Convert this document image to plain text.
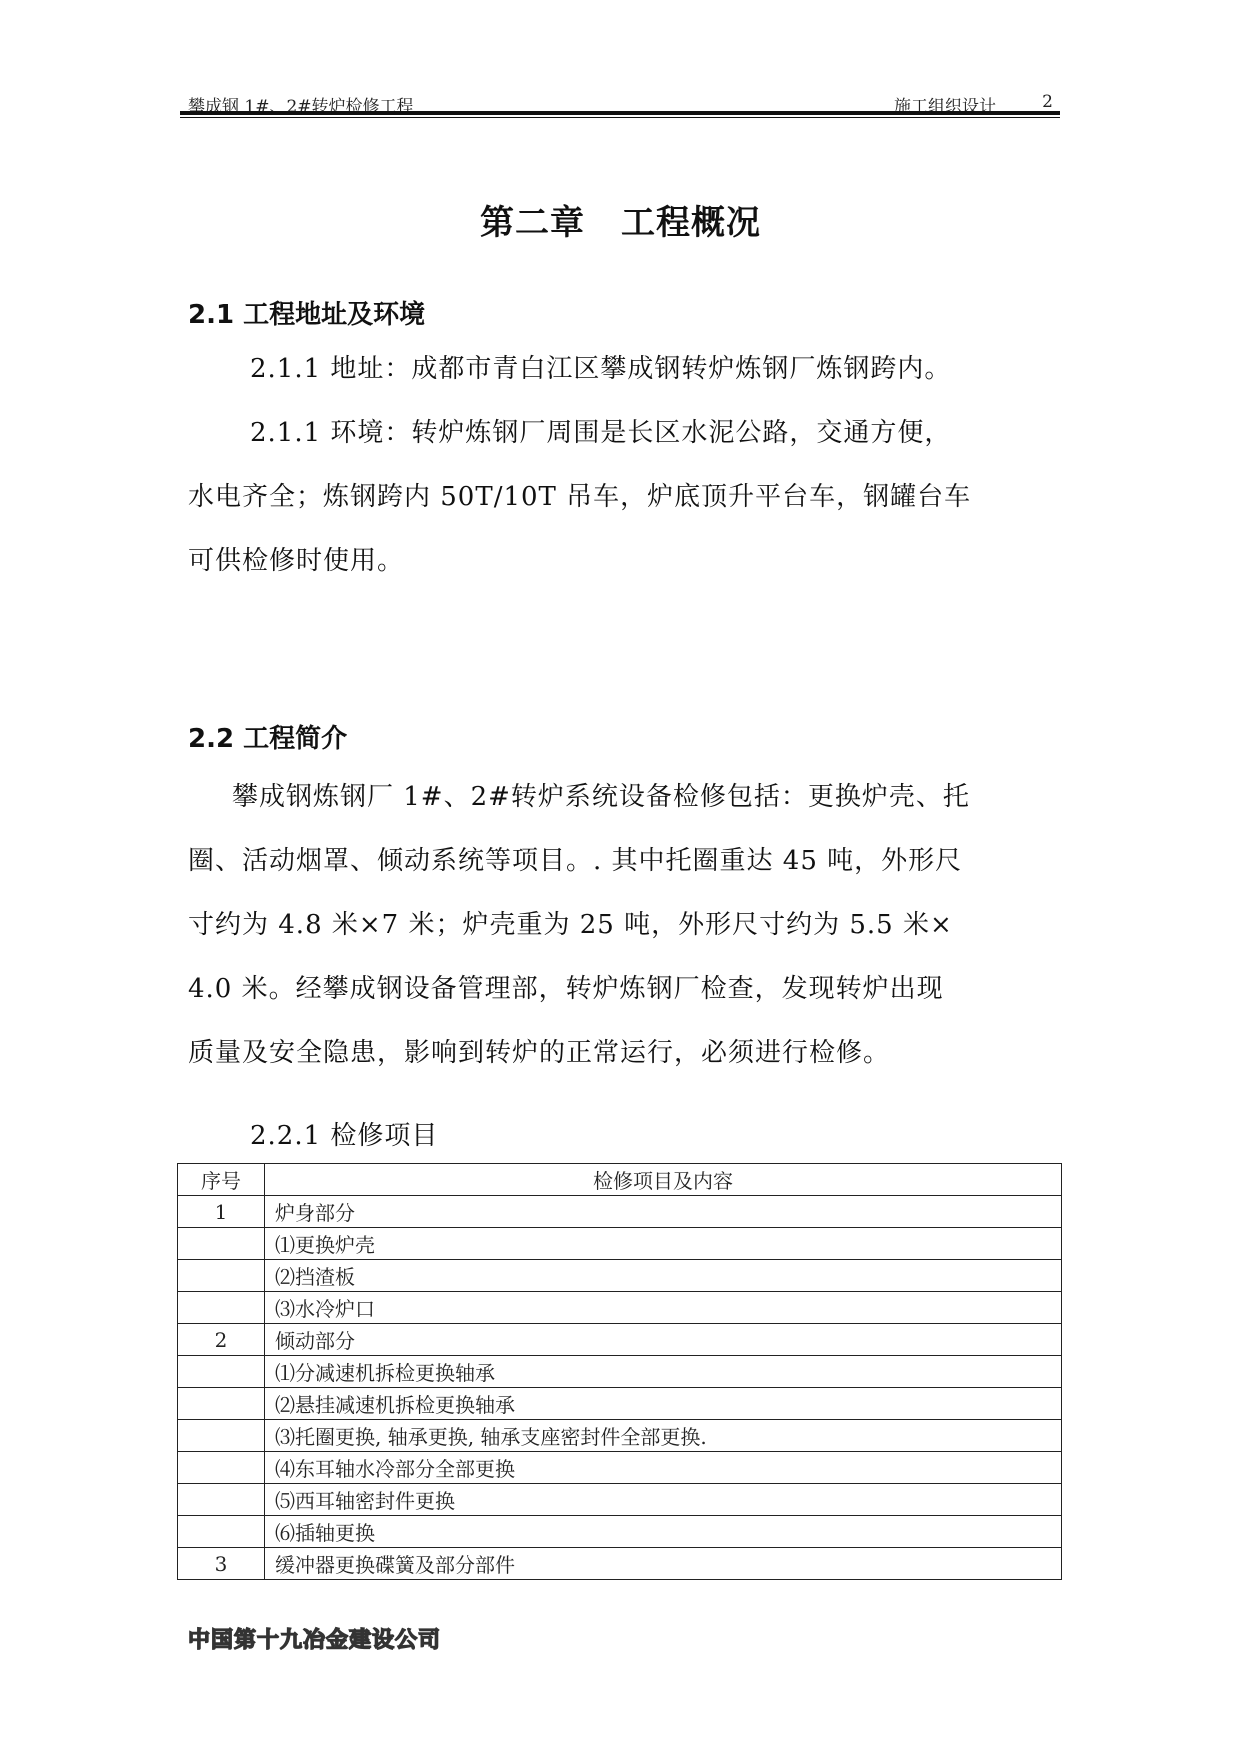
攀成钢 1#、2#转炉检修工程	施工组织设计	2
第二章 工程概况
2.1 工程地址及环境
2.1.1 地址：成都市青白江区攀成钢转炉炼钢厂炼钢跨内。
2.1.1 环境：转炉炼钢厂周围是长区水泥公路，交通方便，
水电齐全；炼钢跨内 50T/10T 吊车，炉底顶升平台车，钢罐台车
可供检修时使用。
2.2 工程简介
攀成钢炼钢厂 1#、2#转炉系统设备检修包括：更换炉壳、托
圈、活动烟罩、倾动系统等项目。. 其中托圈重达 45 吨，外形尺
寸约为 4.8 米×7 米；炉壳重为 25 吨，外形尺寸约为 5.5 米×
4.0 米。经攀成钢设备管理部，转炉炼钢厂检查，发现转炉出现
质量及安全隐患，影响到转炉的正常运行，必须进行检修。
2.2.1 检修项目
序号	检修项目及内容
1	炉身部分
	⑴更换炉壳
	⑵挡渣板
	⑶水冷炉口
2	倾动部分
	⑴分减速机拆检更换轴承
	⑵悬挂减速机拆检更换轴承
	⑶托圈更换, 轴承更换, 轴承支座密封件全部更换.
	⑷东耳轴水冷部分全部更换
	⑸西耳轴密封件更换
	⑹插轴更换
3	缓冲器更换碟簧及部分部件
中国第十九冶金建设公司
